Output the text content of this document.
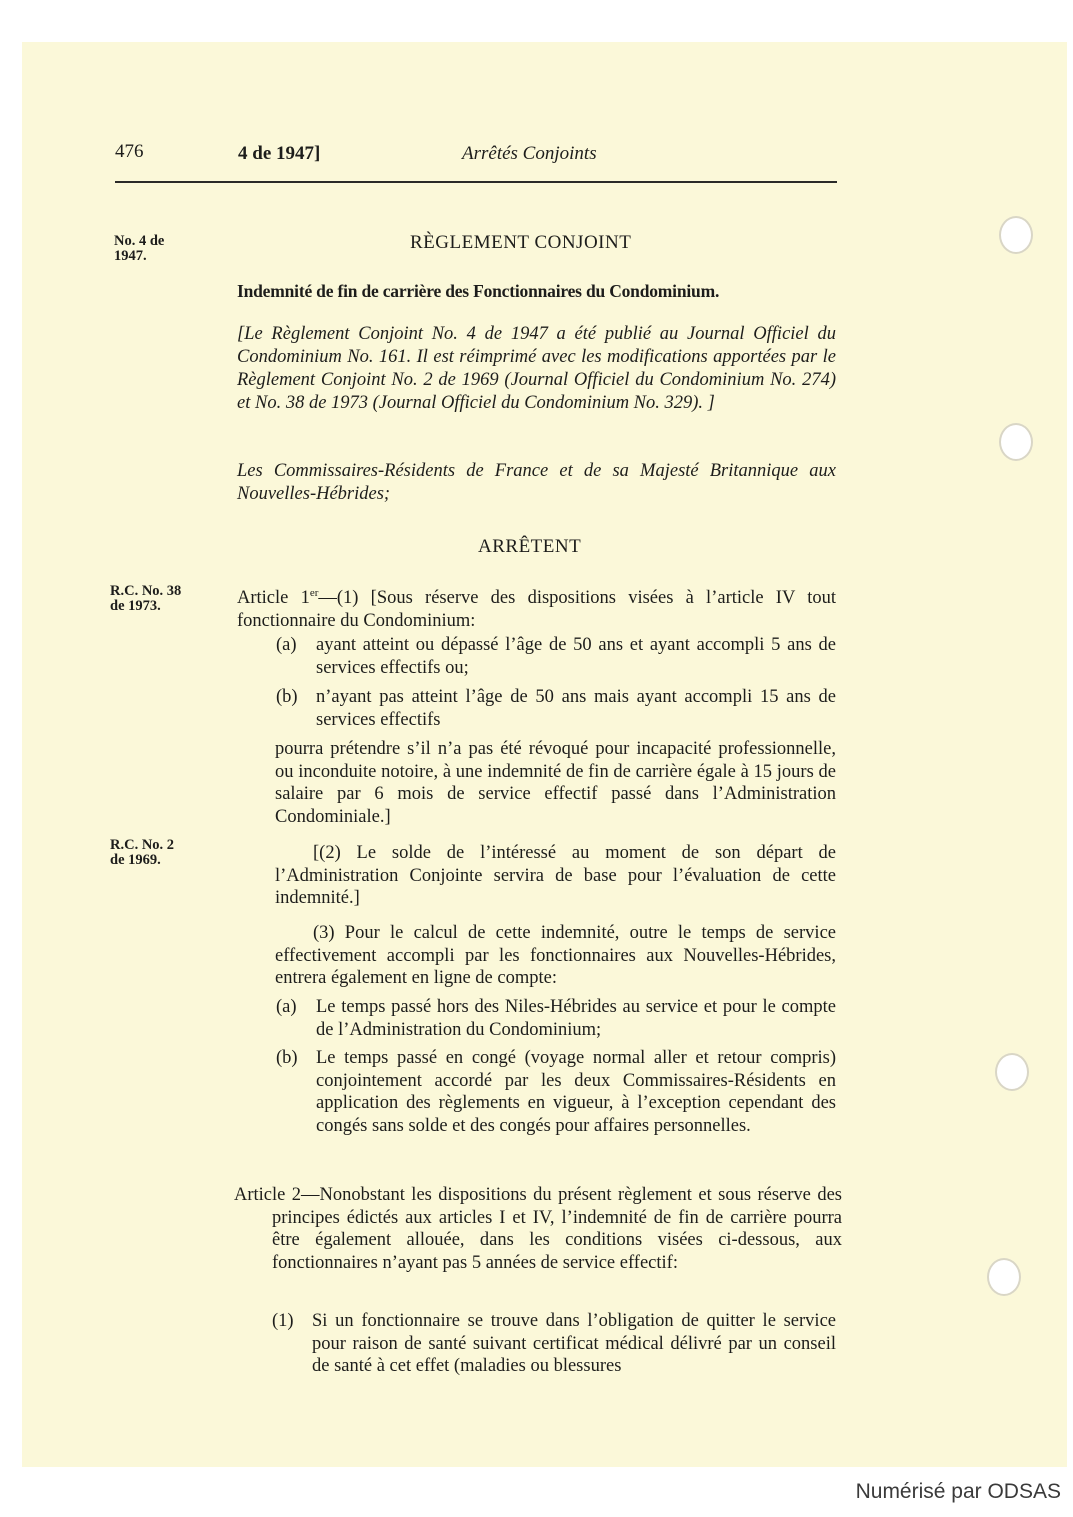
476	4 de 1947]	Arrêtés Conjoints
No. 4 de
1947.
R.C. No. 38
de 1973.
R.C. No. 2
de 1969.
RÈGLEMENT CONJOINT
Indemnité de fin de carrière des Fonctionnaires du Condominium.
[Le Règlement Conjoint No. 4 de 1947 a été publié au Journal Officiel du Condominium No. 161. Il est réimprimé avec les modifications apportées par le Règlement Conjoint No. 2 de 1969 (Journal Officiel du Condominium No. 274) et No. 38 de 1973 (Journal Officiel du Condominium No. 329). ]
Les Commissaires-Résidents de France et de sa Majesté Britannique aux Nouvelles-Hébrides;
ARRÊTENT
Article 1er—(1) [Sous réserve des dispositions visées à l’article IV tout fonctionnaire du Condominium:
(a)	ayant atteint ou dépassé l’âge de 50 ans et ayant accompli 5 ans de services effectifs ou;
(b) n’ayant pas atteint l’âge de 50 ans mais ayant accompli 15 ans de services effectifs
pourra prétendre s’il n’a pas été révoqué pour incapacité professionnelle, ou inconduite notoire, à une indemnité de fin de carrière égale à 15 jours de salaire par 6 mois de service effectif passé dans l’Administration Condominiale.]
[(2) Le solde de l’intéressé au moment de son départ de l’Administration Conjointe servira de base pour l’évaluation de cette indemnité.]
(3) Pour le calcul de cette indemnité, outre le temps de service effectivement accompli par les fonctionnaires aux Nouvelles-Hébrides, entrera également en ligne de compte:
(a)	Le temps passé hors des Niles-Hébrides au service et pour le compte de l’Administration du Condominium;
(b) Le temps passé en congé (voyage normal aller et retour compris) conjointement accordé par les deux Commissaires-Résidents en application des règlements en vigueur, à l’exception cependant des congés sans solde et des congés pour affaires personnelles.
Article 2—Nonobstant les dispositions du présent règlement et sous réserve des principes édictés aux articles I et IV, l’indemnité de fin de carrière pourra être également allouée, dans les conditions visées ci-dessous, aux fonctionnaires n’ayant pas 5 années de service effectif:
(1) Si un fonctionnaire se trouve dans l’obligation de quitter le service pour raison de santé suivant certificat médical délivré par un conseil de santé à cet effet (maladies ou blessures
Numérisé par ODSAS
